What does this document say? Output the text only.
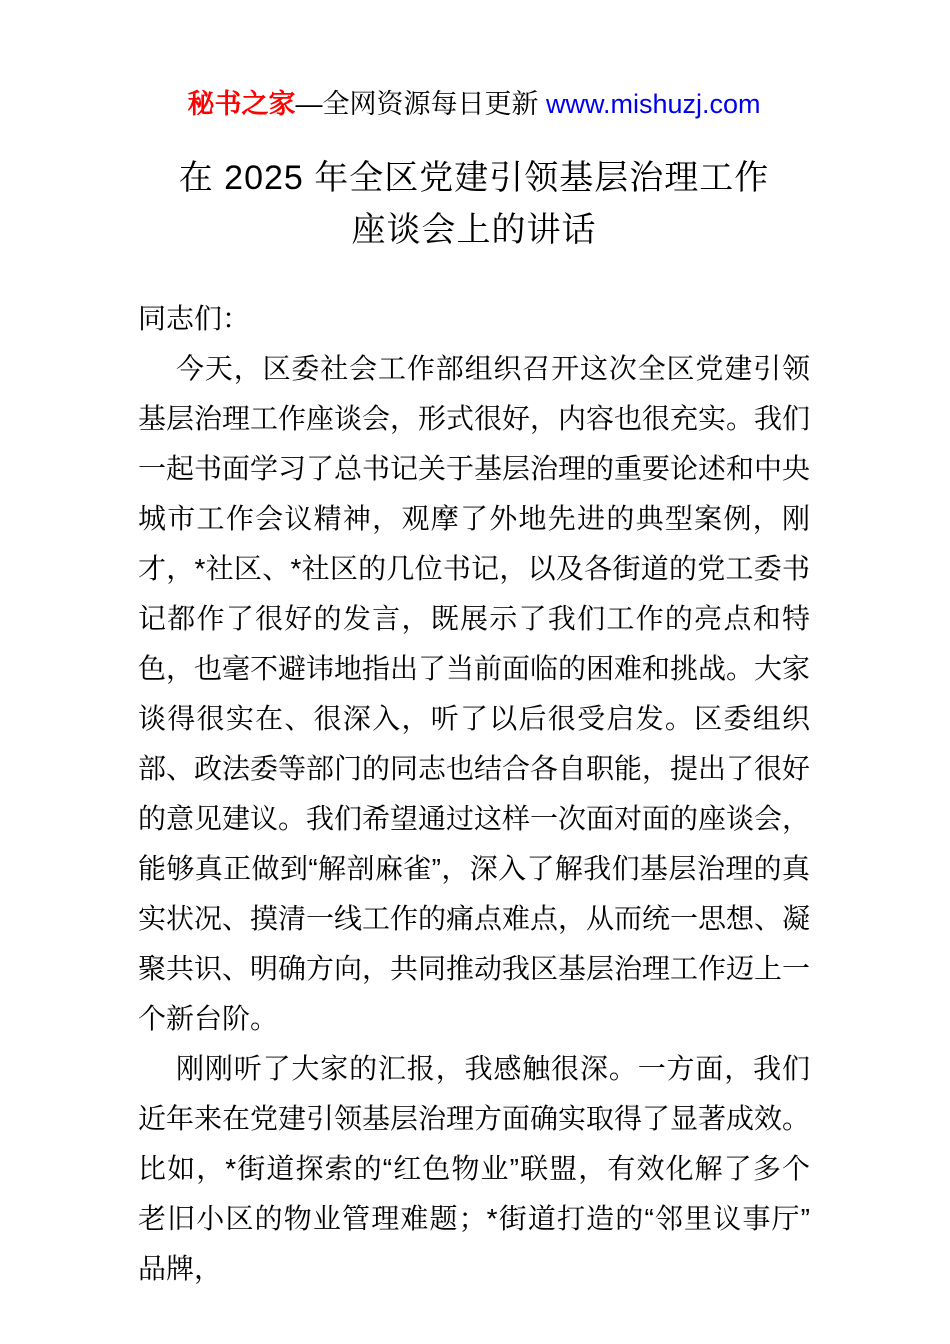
秘书之家—全网资源每日更新 www.mishuzj.com
在 2025 年全区党建引领基层治理工作
座谈会上的讲话

同志们：

今天，区委社会工作部组织召开这次全区党建引领基层治理工作座谈会，形式很好，内容也很充实。我们一起书面学习了总书记关于基层治理的重要论述和中央城市工作会议精神，观摩了外地先进的典型案例，刚才，*社区、*社区的几位书记，以及各街道的党工委书记都作了很好的发言，既展示了我们工作的亮点和特色，也毫不避讳地指出了当前面临的困难和挑战。大家谈得很实在、很深入，听了以后很受启发。区委组织部、政法委等部门的同志也结合各自职能，提出了很好的意见建议。我们希望通过这样一次面对面的座谈会，能够真正做到“解剖麻雀”，深入了解我们基层治理的真实状况、摸清一线工作的痛点难点，从而统一思想、凝聚共识、明确方向，共同推动我区基层治理工作迈上一个新台阶。

刚刚听了大家的汇报，我感触很深。一方面，我们近年来在党建引领基层治理方面确实取得了显著成效。比如，*街道探索的“红色物业”联盟，有效化解了多个老旧小区的物业管理难题；*街道打造的“邻里议事厅”品牌，
